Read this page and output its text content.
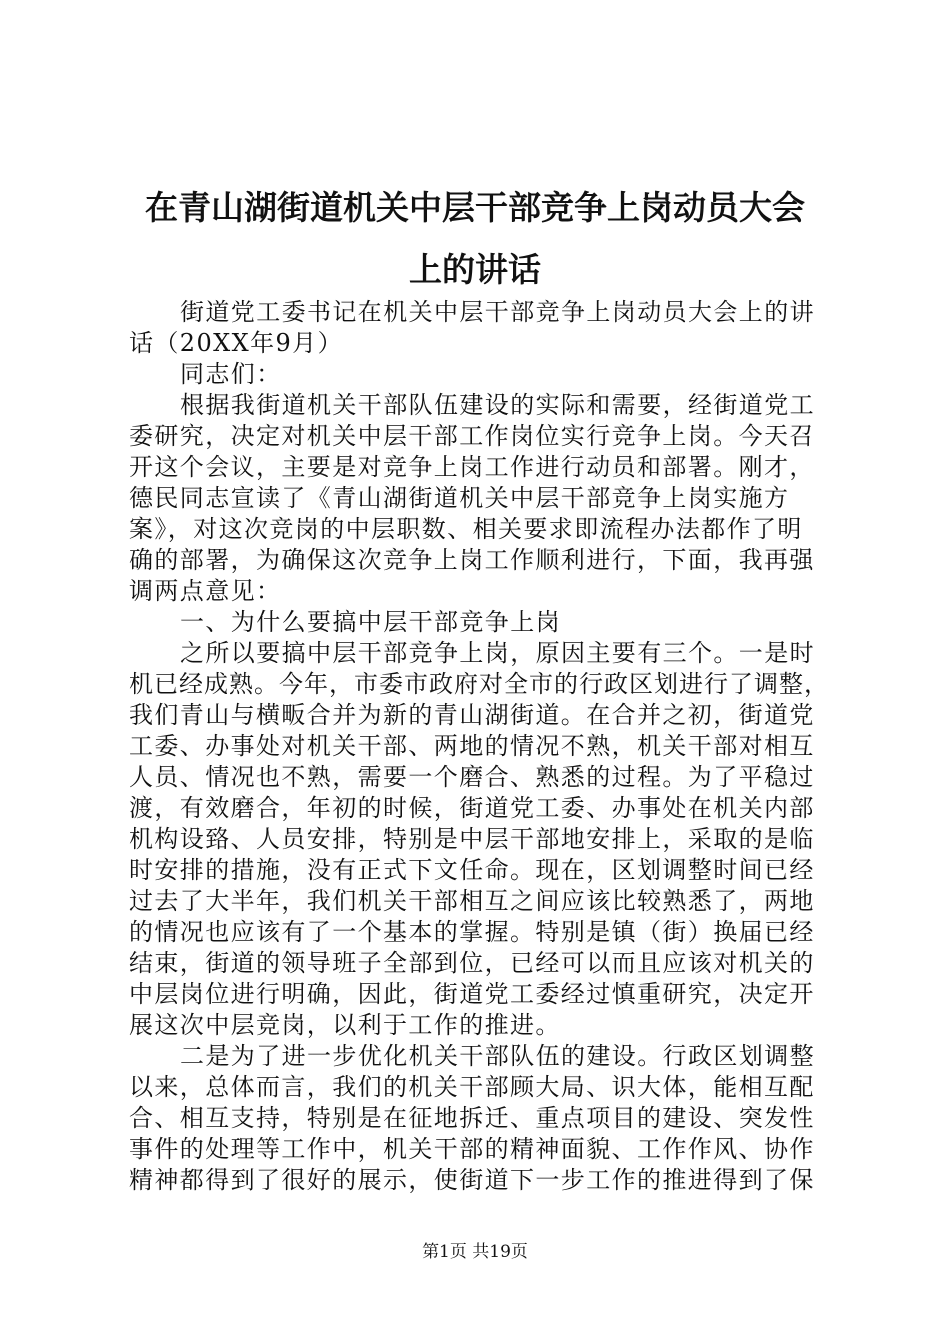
在青山湖街道机关中层干部竞争上岗动员大会
上的讲话
街道党工委书记在机关中层干部竞争上岗动员大会上的讲
话（20XX年9月）
同志们：
根据我街道机关干部队伍建设的实际和需要，经街道党工
委研究，决定对机关中层干部工作岗位实行竞争上岗。今天召
开这个会议，主要是对竞争上岗工作进行动员和部署。刚才，
德民同志宣读了《青山湖街道机关中层干部竞争上岗实施方
案》，对这次竞岗的中层职数、相关要求即流程办法都作了明
确的部署，为确保这次竞争上岗工作顺利进行，下面，我再强
调两点意见：
一、为什么要搞中层干部竞争上岗
之所以要搞中层干部竞争上岗，原因主要有三个。一是时
机已经成熟。今年，市委市政府对全市的行政区划进行了调整，
我们青山与横畈合并为新的青山湖街道。在合并之初，街道党
工委、办事处对机关干部、两地的情况不熟，机关干部对相互
人员、情况也不熟，需要一个磨合、熟悉的过程。为了平稳过
渡，有效磨合，年初的时候，街道党工委、办事处在机关内部
机构设臵、人员安排，特别是中层干部地安排上，采取的是临
时安排的措施，没有正式下文任命。现在，区划调整时间已经
过去了大半年，我们机关干部相互之间应该比较熟悉了，两地
的情况也应该有了一个基本的掌握。特别是镇（街）换届已经
结束，街道的领导班子全部到位，已经可以而且应该对机关的
中层岗位进行明确，因此，街道党工委经过慎重研究，决定开
展这次中层竞岗，以利于工作的推进。
二是为了进一步优化机关干部队伍的建设。行政区划调整
以来，总体而言，我们的机关干部顾大局、识大体，能相互配
合、相互支持，特别是在征地拆迁、重点项目的建设、突发性
事件的处理等工作中，机关干部的精神面貌、工作作风、协作
精神都得到了很好的展示，使街道下一步工作的推进得到了保
第1页 共19页
